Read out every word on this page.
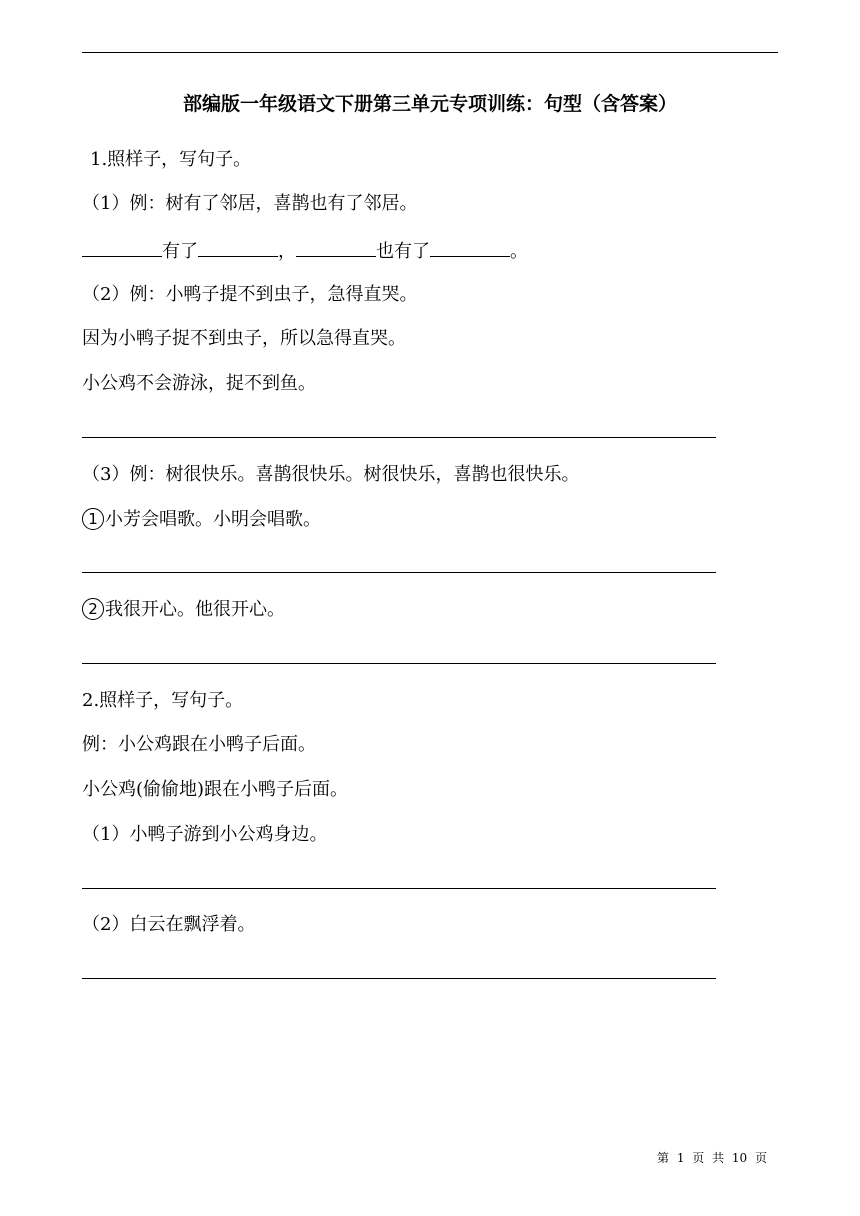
部编版一年级语文下册第三单元专项训练：句型（含答案）
1.照样子，写句子。
（1）例：树有了邻居，喜鹊也有了邻居。
有了	，	也有了	。
（2）例：小鸭子提不到虫子，急得直哭。
因为小鸭子捉不到虫子，所以急得直哭。
小公鸡不会游泳，捉不到鱼。
（3）例：树很快乐。喜鹊很快乐。树很快乐，喜鹊也很快乐。
1 小芳会唱歌。小明会唱歌。
2 我很开心。他很开心。
2.照样子，写句子。
例：小公鸡跟在小鸭子后面。
小公鸡(偷偷地)跟在小鸭子后面。
（1）小鸭子游到小公鸡身边。
（2）白云在飘浮着。
第 1 页 共 10 页
